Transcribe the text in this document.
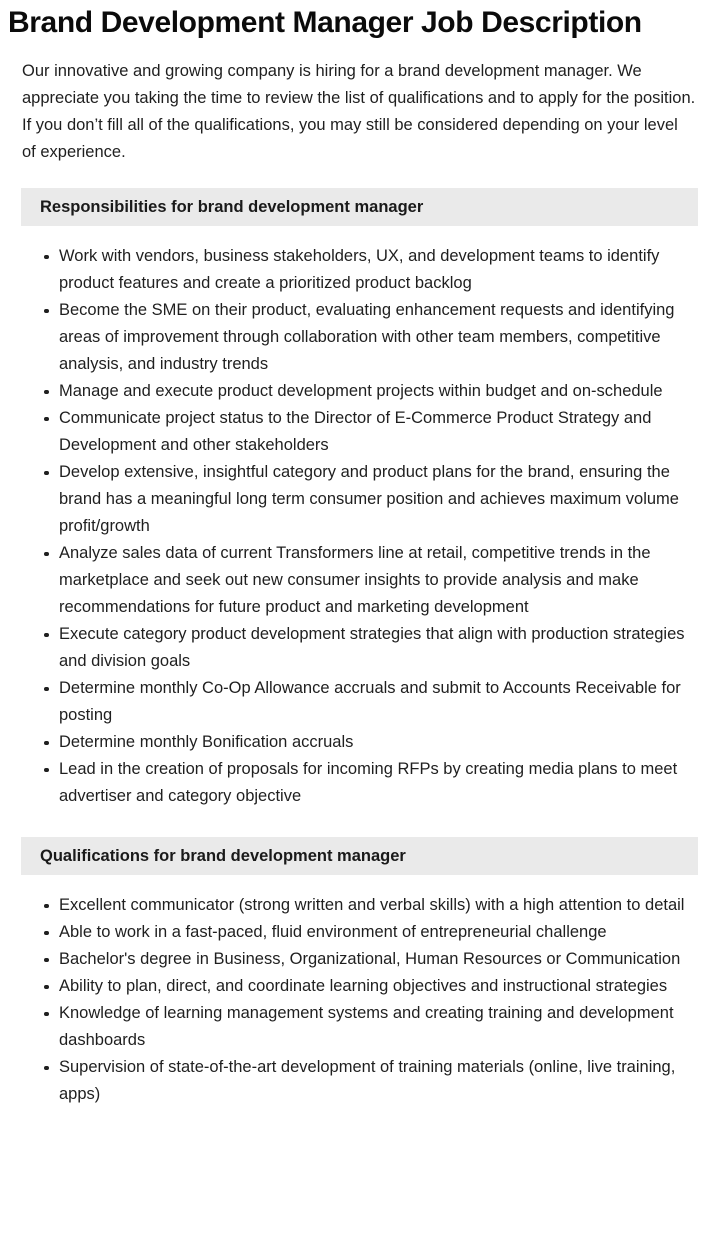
Brand Development Manager Job Description

Our innovative and growing company is hiring for a brand development manager. We appreciate you taking the time to review the list of qualifications and to apply for the position. If you don’t fill all of the qualifications, you may still be considered depending on your level of experience.

Responsibilities for brand development manager
Work with vendors, business stakeholders, UX, and development teams to identify product features and create a prioritized product backlog
Become the SME on their product, evaluating enhancement requests and identifying areas of improvement through collaboration with other team members, competitive analysis, and industry trends
Manage and execute product development projects within budget and on-schedule
Communicate project status to the Director of E-Commerce Product Strategy and Development and other stakeholders
Develop extensive, insightful category and product plans for the brand, ensuring the brand has a meaningful long term consumer position and achieves maximum volume profit/growth
Analyze sales data of current Transformers line at retail, competitive trends in the marketplace and seek out new consumer insights to provide analysis and make recommendations for future product and marketing development
Execute category product development strategies that align with production strategies and division goals
Determine monthly Co-Op Allowance accruals and submit to Accounts Receivable for posting
Determine monthly Bonification accruals
Lead in the creation of proposals for incoming RFPs by creating media plans to meet advertiser and category objective
Qualifications for brand development manager
Excellent communicator (strong written and verbal skills) with a high attention to detail
Able to work in a fast-paced, fluid environment of entrepreneurial challenge
Bachelor's degree in Business, Organizational, Human Resources or Communication
Ability to plan, direct, and coordinate learning objectives and instructional strategies
Knowledge of learning management systems and creating training and development dashboards
Supervision of state-of-the-art development of training materials (online, live training, apps)
